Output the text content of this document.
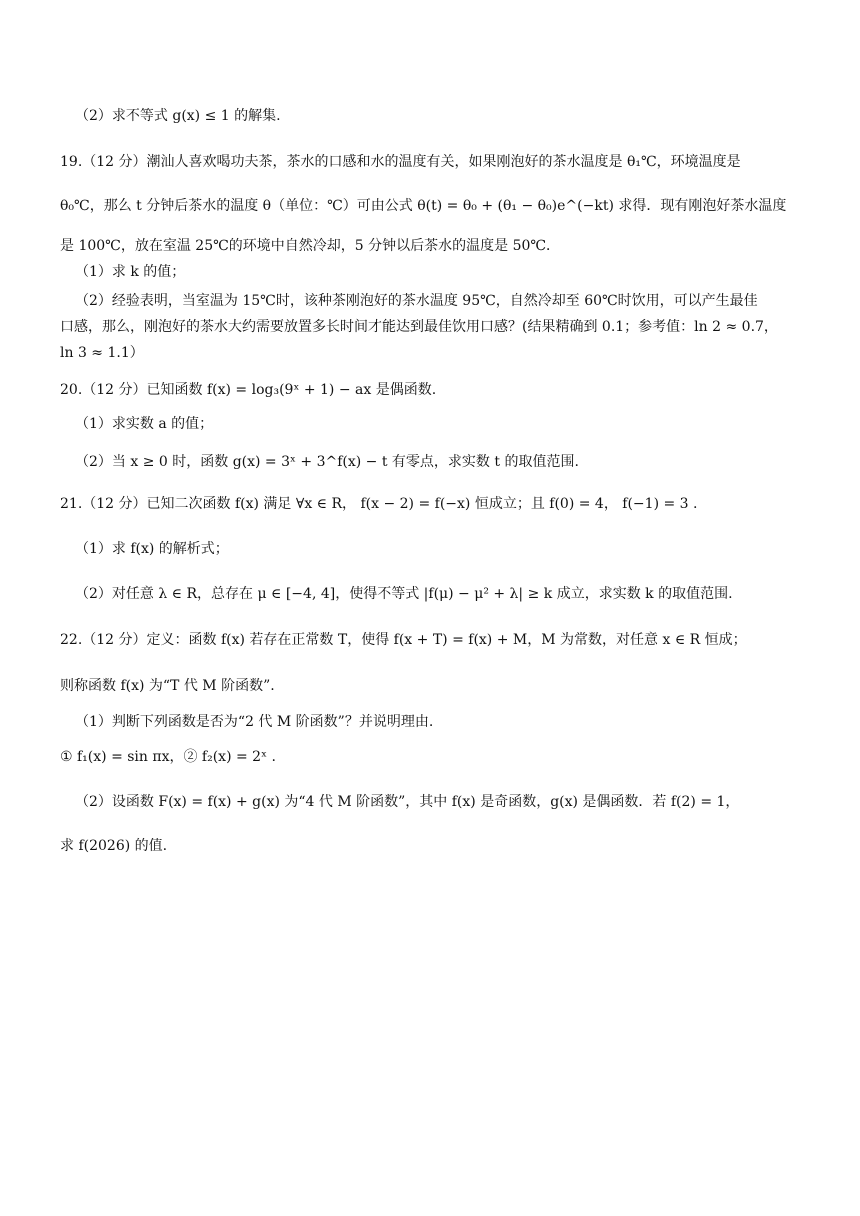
（2）求不等式 g(x) ≤ 1 的解集.
19.（12 分）潮汕人喜欢喝功夫茶，茶水的口感和水的温度有关，如果刚泡好的茶水温度是 θ₁℃，环境温度是
θ₀℃，那么 t 分钟后茶水的温度 θ（单位：℃）可由公式 θ(t) = θ₀ + (θ₁ − θ₀)e^(−kt) 求得．现有刚泡好茶水温度
是 100℃，放在室温 25℃的环境中自然冷却，5 分钟以后茶水的温度是 50℃．
（1）求 k 的值；
（2）经验表明，当室温为 15℃时，该种茶刚泡好的茶水温度 95℃，自然冷却至 60℃时饮用，可以产生最佳
口感，那么，刚泡好的茶水大约需要放置多长时间才能达到最佳饮用口感？(结果精确到 0.1；参考值：ln 2 ≈ 0.7，
ln 3 ≈ 1.1）
20.（12 分）已知函数 f(x) = log₃(9ˣ + 1) − ax 是偶函数.
（1）求实数 a 的值；
（2）当 x ≥ 0 时，函数 g(x) = 3ˣ + 3^f(x) − t 有零点，求实数 t 的取值范围.
21.（12 分）已知二次函数 f(x) 满足 ∀x ∈ R， f(x − 2) = f(−x) 恒成立；且 f(0) = 4， f(−1) = 3 .
（1）求 f(x) 的解析式；
（2）对任意 λ ∈ R，总存在 μ ∈ [−4, 4]，使得不等式 |f(μ) − μ² + λ| ≥ k 成立，求实数 k 的取值范围.
22.（12 分）定义：函数 f(x) 若存在正常数 T，使得 f(x + T) = f(x) + M，M 为常数，对任意 x ∈ R 恒成；
则称函数 f(x) 为“T 代 M 阶函数”.
（1）判断下列函数是否为“2 代 M 阶函数”？并说明理由.
① f₁(x) = sin πx，② f₂(x) = 2ˣ .
（2）设函数 F(x) = f(x) + g(x) 为“4 代 M 阶函数”，其中 f(x) 是奇函数，g(x) 是偶函数．若 f(2) = 1，
求 f(2026) 的值.
